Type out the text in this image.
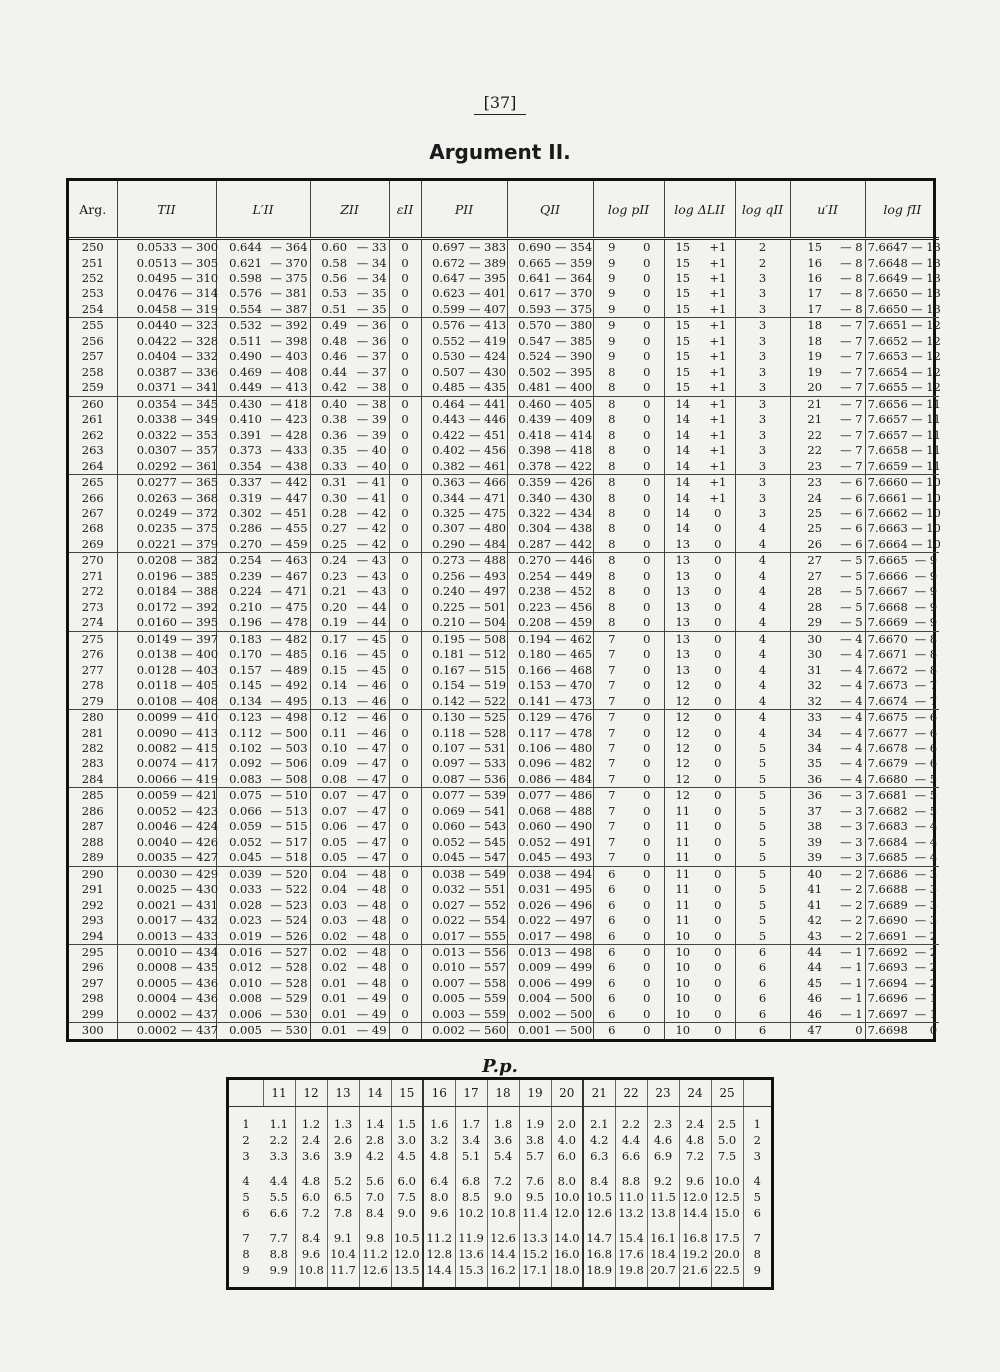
[37]
Argument II.
Arg.	TII		L′II		ZII		εII	PII		QII		log pII		log ΔLII		log qII	u′II		log fII	
250	0.0533	— 300	0.644	— 364	0.60	— 33	0	0.697	— 383	0.690	— 354	9	0	15	+1	2	15	— 8	7.6647	— 13
251	0.0513	— 305	0.621	— 370	0.58	— 34	0	0.672	— 389	0.665	— 359	9	0	15	+1	2	16	— 8	7.6648	— 13
252	0.0495	— 310	0.598	— 375	0.56	— 34	0	0.647	— 395	0.641	— 364	9	0	15	+1	3	16	— 8	7.6649	— 13
253	0.0476	— 314	0.576	— 381	0.53	— 35	0	0.623	— 401	0.617	— 370	9	0	15	+1	3	17	— 8	7.6650	— 13
254	0.0458	— 319	0.554	— 387	0.51	— 35	0	0.599	— 407	0.593	— 375	9	0	15	+1	3	17	— 8	7.6650	— 13
255	0.0440	— 323	0.532	— 392	0.49	— 36	0	0.576	— 413	0.570	— 380	9	0	15	+1	3	18	— 7	7.6651	— 12
256	0.0422	— 328	0.511	— 398	0.48	— 36	0	0.552	— 419	0.547	— 385	9	0	15	+1	3	18	— 7	7.6652	— 12
257	0.0404	— 332	0.490	— 403	0.46	— 37	0	0.530	— 424	0.524	— 390	9	0	15	+1	3	19	— 7	7.6653	— 12
258	0.0387	— 336	0.469	— 408	0.44	— 37	0	0.507	— 430	0.502	— 395	8	0	15	+1	3	19	— 7	7.6654	— 12
259	0.0371	— 341	0.449	— 413	0.42	— 38	0	0.485	— 435	0.481	— 400	8	0	15	+1	3	20	— 7	7.6655	— 12
260	0.0354	— 345	0.430	— 418	0.40	— 38	0	0.464	— 441	0.460	— 405	8	0	14	+1	3	21	— 7	7.6656	— 11
261	0.0338	— 349	0.410	— 423	0.38	— 39	0	0.443	— 446	0.439	— 409	8	0	14	+1	3	21	— 7	7.6657	— 11
262	0.0322	— 353	0.391	— 428	0.36	— 39	0	0.422	— 451	0.418	— 414	8	0	14	+1	3	22	— 7	7.6657	— 11
263	0.0307	— 357	0.373	— 433	0.35	— 40	0	0.402	— 456	0.398	— 418	8	0	14	+1	3	22	— 7	7.6658	— 11
264	0.0292	— 361	0.354	— 438	0.33	— 40	0	0.382	— 461	0.378	— 422	8	0	14	+1	3	23	— 7	7.6659	— 11
265	0.0277	— 365	0.337	— 442	0.31	— 41	0	0.363	— 466	0.359	— 426	8	0	14	+1	3	23	— 6	7.6660	— 10
266	0.0263	— 368	0.319	— 447	0.30	— 41	0	0.344	— 471	0.340	— 430	8	0	14	+1	3	24	— 6	7.6661	— 10
267	0.0249	— 372	0.302	— 451	0.28	— 42	0	0.325	— 475	0.322	— 434	8	0	14	0	3	25	— 6	7.6662	— 10
268	0.0235	— 375	0.286	— 455	0.27	— 42	0	0.307	— 480	0.304	— 438	8	0	14	0	4	25	— 6	7.6663	— 10
269	0.0221	— 379	0.270	— 459	0.25	— 42	0	0.290	— 484	0.287	— 442	8	0	13	0	4	26	— 6	7.6664	— 10
270	0.0208	— 382	0.254	— 463	0.24	— 43	0	0.273	— 488	0.270	— 446	8	0	13	0	4	27	— 5	7.6665	— 9
271	0.0196	— 385	0.239	— 467	0.23	— 43	0	0.256	— 493	0.254	— 449	8	0	13	0	4	27	— 5	7.6666	— 9
272	0.0184	— 388	0.224	— 471	0.21	— 43	0	0.240	— 497	0.238	— 452	8	0	13	0	4	28	— 5	7.6667	— 9
273	0.0172	— 392	0.210	— 475	0.20	— 44	0	0.225	— 501	0.223	— 456	8	0	13	0	4	28	— 5	7.6668	— 9
274	0.0160	— 395	0.196	— 478	0.19	— 44	0	0.210	— 504	0.208	— 459	8	0	13	0	4	29	— 5	7.6669	— 9
275	0.0149	— 397	0.183	— 482	0.17	— 45	0	0.195	— 508	0.194	— 462	7	0	13	0	4	30	— 4	7.6670	— 8
276	0.0138	— 400	0.170	— 485	0.16	— 45	0	0.181	— 512	0.180	— 465	7	0	13	0	4	30	— 4	7.6671	— 8
277	0.0128	— 403	0.157	— 489	0.15	— 45	0	0.167	— 515	0.166	— 468	7	0	13	0	4	31	— 4	7.6672	— 8
278	0.0118	— 405	0.145	— 492	0.14	— 46	0	0.154	— 519	0.153	— 470	7	0	12	0	4	32	— 4	7.6673	— 7
279	0.0108	— 408	0.134	— 495	0.13	— 46	0	0.142	— 522	0.141	— 473	7	0	12	0	4	32	— 4	7.6674	— 7
280	0.0099	— 410	0.123	— 498	0.12	— 46	0	0.130	— 525	0.129	— 476	7	0	12	0	4	33	— 4	7.6675	— 6
281	0.0090	— 413	0.112	— 500	0.11	— 46	0	0.118	— 528	0.117	— 478	7	0	12	0	4	34	— 4	7.6677	— 6
282	0.0082	— 415	0.102	— 503	0.10	— 47	0	0.107	— 531	0.106	— 480	7	0	12	0	5	34	— 4	7.6678	— 6
283	0.0074	— 417	0.092	— 506	0.09	— 47	0	0.097	— 533	0.096	— 482	7	0	12	0	5	35	— 4	7.6679	— 6
284	0.0066	— 419	0.083	— 508	0.08	— 47	0	0.087	— 536	0.086	— 484	7	0	12	0	5	36	— 4	7.6680	— 5
285	0.0059	— 421	0.075	— 510	0.07	— 47	0	0.077	— 539	0.077	— 486	7	0	12	0	5	36	— 3	7.6681	— 5
286	0.0052	— 423	0.066	— 513	0.07	— 47	0	0.069	— 541	0.068	— 488	7	0	11	0	5	37	— 3	7.6682	— 5
287	0.0046	— 424	0.059	— 515	0.06	— 47	0	0.060	— 543	0.060	— 490	7	0	11	0	5	38	— 3	7.6683	— 4
288	0.0040	— 426	0.052	— 517	0.05	— 47	0	0.052	— 545	0.052	— 491	7	0	11	0	5	39	— 3	7.6684	— 4
289	0.0035	— 427	0.045	— 518	0.05	— 47	0	0.045	— 547	0.045	— 493	7	0	11	0	5	39	— 3	7.6685	— 4
290	0.0030	— 429	0.039	— 520	0.04	— 48	0	0.038	— 549	0.038	— 494	6	0	11	0	5	40	— 2	7.6686	— 3
291	0.0025	— 430	0.033	— 522	0.04	— 48	0	0.032	— 551	0.031	— 495	6	0	11	0	5	41	— 2	7.6688	— 3
292	0.0021	— 431	0.028	— 523	0.03	— 48	0	0.027	— 552	0.026	— 496	6	0	11	0	5	41	— 2	7.6689	— 3
293	0.0017	— 432	0.023	— 524	0.03	— 48	0	0.022	— 554	0.022	— 497	6	0	11	0	5	42	— 2	7.6690	— 3
294	0.0013	— 433	0.019	— 526	0.02	— 48	0	0.017	— 555	0.017	— 498	6	0	10	0	5	43	— 2	7.6691	— 2
295	0.0010	— 434	0.016	— 527	0.02	— 48	0	0.013	— 556	0.013	— 498	6	0	10	0	6	44	— 1	7.6692	— 2
296	0.0008	— 435	0.012	— 528	0.02	— 48	0	0.010	— 557	0.009	— 499	6	0	10	0	6	44	— 1	7.6693	— 2
297	0.0005	— 436	0.010	— 528	0.01	— 48	0	0.007	— 558	0.006	— 499	6	0	10	0	6	45	— 1	7.6694	— 2
298	0.0004	— 436	0.008	— 529	0.01	— 49	0	0.005	— 559	0.004	— 500	6	0	10	0	6	46	— 1	7.6696	— 1
299	0.0002	— 437	0.006	— 530	0.01	— 49	0	0.003	— 559	0.002	— 500	6	0	10	0	6	46	— 1	7.6697	— 1
300	0.0002	— 437	0.005	— 530	0.01	— 49	0	0.002	— 560	0.001	— 500	6	0	10	0	6	47	0	7.6698	0
P.p.
	11	12	13	14	15	16	17	18	19	20	21	22	23	24	25	

1	1.1	1.2	1.3	1.4	1.5	1.6	1.7	1.8	1.9	2.0	2.1	2.2	2.3	2.4	2.5	1
2	2.2	2.4	2.6	2.8	3.0	3.2	3.4	3.6	3.8	4.0	4.2	4.4	4.6	4.8	5.0	2
3	3.3	3.6	3.9	4.2	4.5	4.8	5.1	5.4	5.7	6.0	6.3	6.6	6.9	7.2	7.5	3

4	4.4	4.8	5.2	5.6	6.0	6.4	6.8	7.2	7.6	8.0	8.4	8.8	9.2	9.6	10.0	4
5	5.5	6.0	6.5	7.0	7.5	8.0	8.5	9.0	9.5	10.0	10.5	11.0	11.5	12.0	12.5	5
6	6.6	7.2	7.8	8.4	9.0	9.6	10.2	10.8	11.4	12.0	12.6	13.2	13.8	14.4	15.0	6

7	7.7	8.4	9.1	9.8	10.5	11.2	11.9	12.6	13.3	14.0	14.7	15.4	16.1	16.8	17.5	7
8	8.8	9.6	10.4	11.2	12.0	12.8	13.6	14.4	15.2	16.0	16.8	17.6	18.4	19.2	20.0	8
9	9.9	10.8	11.7	12.6	13.5	14.4	15.3	16.2	17.1	18.0	18.9	19.8	20.7	21.6	22.5	9
